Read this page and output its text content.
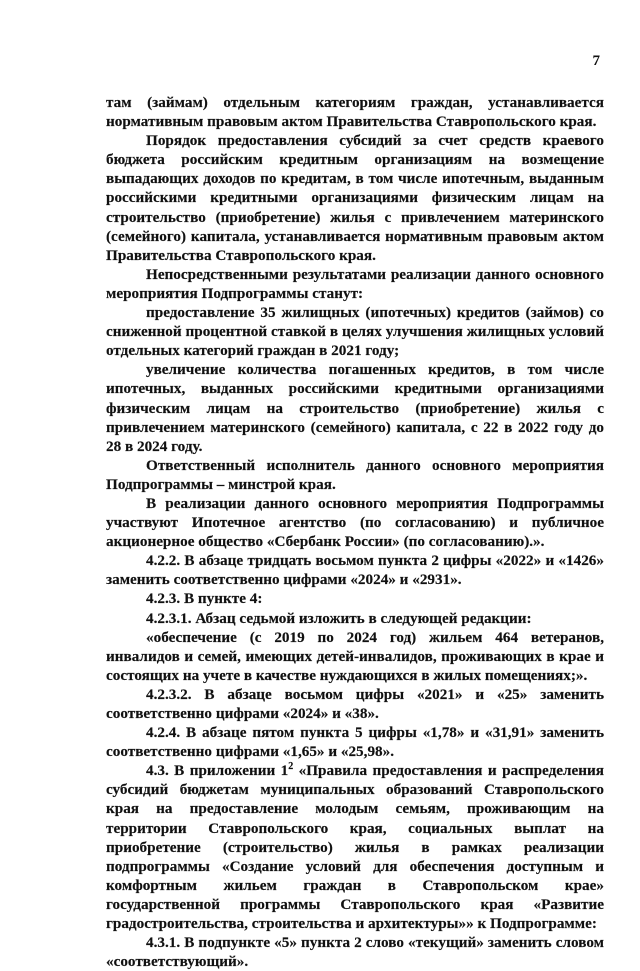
7

там (займам) отдельным категориям граждан, устанавливается нормативным правовым актом Правительства Ставропольского края.

Порядок предоставления субсидий за счет средств краевого бюджета российским кредитным организациям на возмещение выпадающих доходов по кредитам, в том числе ипотечным, выданным российскими кредитными организациями физическим лицам на строительство (приобретение) жилья с привлечением материнского (семейного) капитала, устанавливается нормативным правовым актом Правительства Ставропольского края.

Непосредственными результатами реализации данного основного мероприятия Подпрограммы станут:

предоставление 35 жилищных (ипотечных) кредитов (займов) со сниженной процентной ставкой в целях улучшения жилищных условий отдельных категорий граждан в 2021 году;

увеличение количества погашенных кредитов, в том числе ипотечных, выданных российскими кредитными организациями физическим лицам на строительство (приобретение) жилья с привлечением материнского (семейного) капитала, с 22 в 2022 году до 28 в 2024 году.

Ответственный исполнитель данного основного мероприятия Подпрограммы – минстрой края.

В реализации данного основного мероприятия Подпрограммы участвуют Ипотечное агентство (по согласованию) и публичное акционерное общество «Сбербанк России» (по согласованию).».

4.2.2. В абзаце тридцать восьмом пункта 2 цифры «2022» и «1426» заменить соответственно цифрами «2024» и «2931».

4.2.3. В пункте 4:

4.2.3.1. Абзац седьмой изложить в следующей редакции:

«обеспечение (с 2019 по 2024 год) жильем 464 ветеранов, инвалидов и семей, имеющих детей-инвалидов, проживающих в крае и состоящих на учете в качестве нуждающихся в жилых помещениях;».

4.2.3.2. В абзаце восьмом цифры «2021» и «25» заменить соответственно цифрами «2024» и «38».

4.2.4. В абзаце пятом пункта 5 цифры «1,78» и «31,91» заменить соответственно цифрами «1,65» и «25,98».

4.3. В приложении $1^2$ «Правила предоставления и распределения субсидий бюджетам муниципальных образований Ставропольского края на предоставление молодым семьям, проживающим на территории Ставропольского края, социальных выплат на приобретение (строительство) жилья в рамках реализации подпрограммы «Создание условий для обеспечения доступным и комфортным жильем граждан в Ставропольском крае» государственной программы Ставропольского края «Развитие градостроительства, строительства и архитектуры»» к Подпрограмме:

4.3.1. В подпункте «5» пункта 2 слово «текущий» заменить словом «соответствующий».
